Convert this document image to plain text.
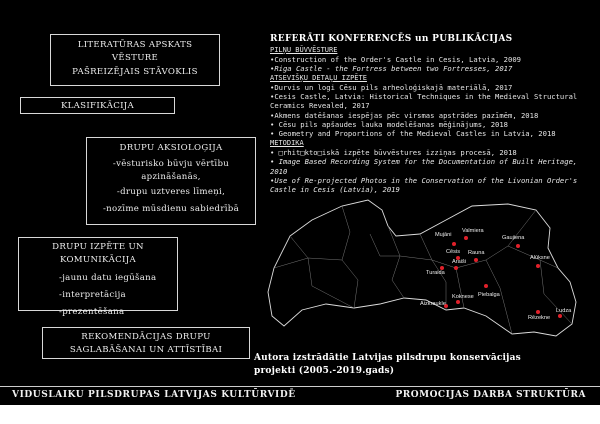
LITERATŪRAS APSKATS
VĒSTURE
PAŠREIZĒJAIS STĀVOKLIS
KLASIFIKĀCIJA
DRUPU AKSIOLOĢIJA
-vēsturisko būvju vērtību apzināšanās,
-drupu uztveres līmeņi,
-nozīme mūsdienu sabiedrībā
DRUPU IZPĒTE UN KOMUNIKĀCIJA
-jaunu datu iegūšana
-interpretācija
-prezentēšana
REKOMENDĀCIJAS DRUPU
SAGLABĀŠANAI UN ATTĪSTĪBAI
Mujāni
Valmiera
Gaujiena
Alūksne
Cēsis Rauna
Turaida
Araiši
Piebalga
Koknese
Aizkraukle
Rēzekne
Ludza
REFERĀTI KONFERENCĒS un PUBLIKĀCIJAS
PILŅU BŪVVĒSTURE
•Construction of the Order's Castle in Cesis, Latvia, 2009
•Riga Castle - the Fortress between two Fortresses, 2017
ATSEVIŠĶU DETAĻU IZPĒTE
•Durvis un logi Cēsu pils arheoloģiskajā materiālā, 2017
•Cesis Castle, Latvia: Historical Techniques in the Medieval Structural Ceramics Revealed, 2017
•Akmens datēšanas iespējas pēc virsmas apstrādes pazīmēm, 2018
• Cēsu pils apšaudes lauka modelēšanas mēģinājums, 2018
• Geometry and Proportions of the Medieval Castles in Latvia, 2018
METODIKA
• □rhit□kto□iskā izpēte būvvēstures izziņas procesā, 2018
• Image Based Recording System for the Documentation of Built Heritage, 2010
•Use of Re-projected Photos in the Conservation of the Livonian Order's Castle in Cesis (Latvia), 2019
Autora izstrādātie Latvijas pilsdrupu konservācijas
projekti (2005.-2019.gads)
VIDUSLAIKU PILSDRUPAS LATVIJAS KULTŪRVIDĒ	PROMOCIJAS DARBA STRUKTŪRA
